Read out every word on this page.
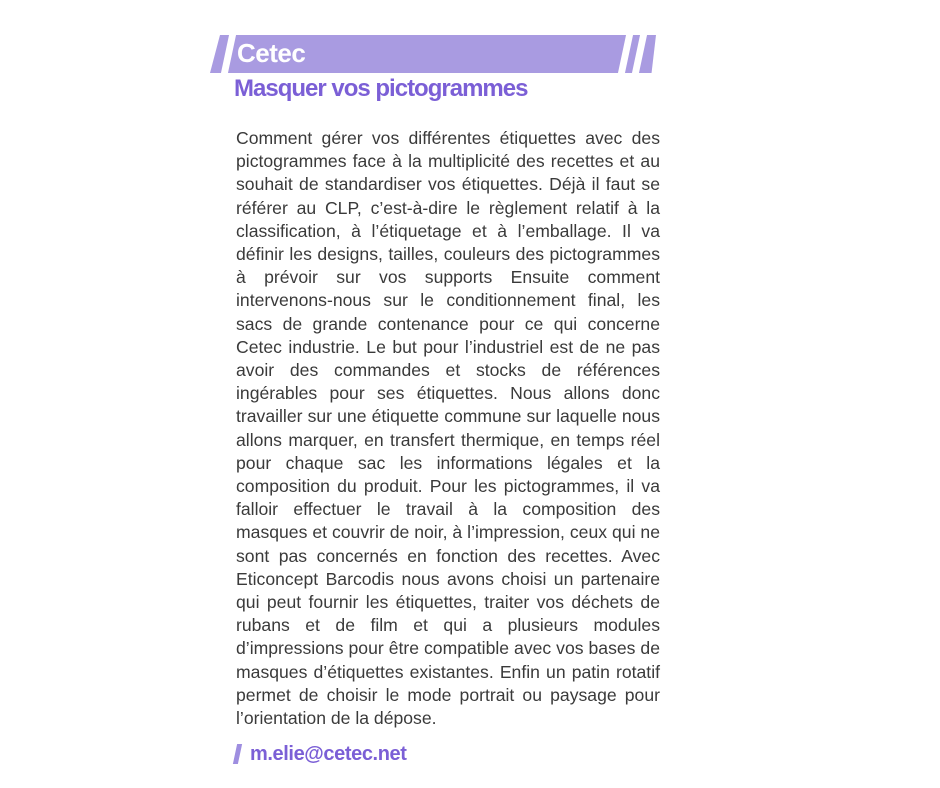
Cetec
Masquer vos pictogrammes

Comment gérer vos différentes étiquettes avec des pictogrammes face à la multiplicité des recettes et au souhait de standardiser vos étiquettes. Déjà il faut se référer au CLP, c’est-à-dire le règlement relatif à la classification, à l’étiquetage et à l’emballage. Il va définir les designs, tailles, couleurs des pictogrammes à prévoir sur vos supports Ensuite comment intervenons-nous sur le conditionnement final, les sacs de grande contenance pour ce qui concerne Cetec industrie. Le but pour l’industriel est de ne pas avoir des commandes et stocks de références ingérables pour ses étiquettes. Nous allons donc travailler sur une étiquette commune sur laquelle nous allons marquer, en transfert thermique, en temps réel pour chaque sac les informations légales et la composition du produit. Pour les pictogrammes, il va falloir effectuer le travail à la composition des masques et couvrir de noir, à l’impression, ceux qui ne sont pas concernés en fonction des recettes. Avec Eticoncept Barcodis nous avons choisi un partenaire qui peut fournir les étiquettes, traiter vos déchets de rubans et de film et qui a plusieurs modules d’impressions pour être compatible avec vos bases de masques d’étiquettes existantes. Enfin un patin rotatif permet de choisir le mode portrait ou paysage pour l’orientation de la dépose.

m.elie@cetec.net
